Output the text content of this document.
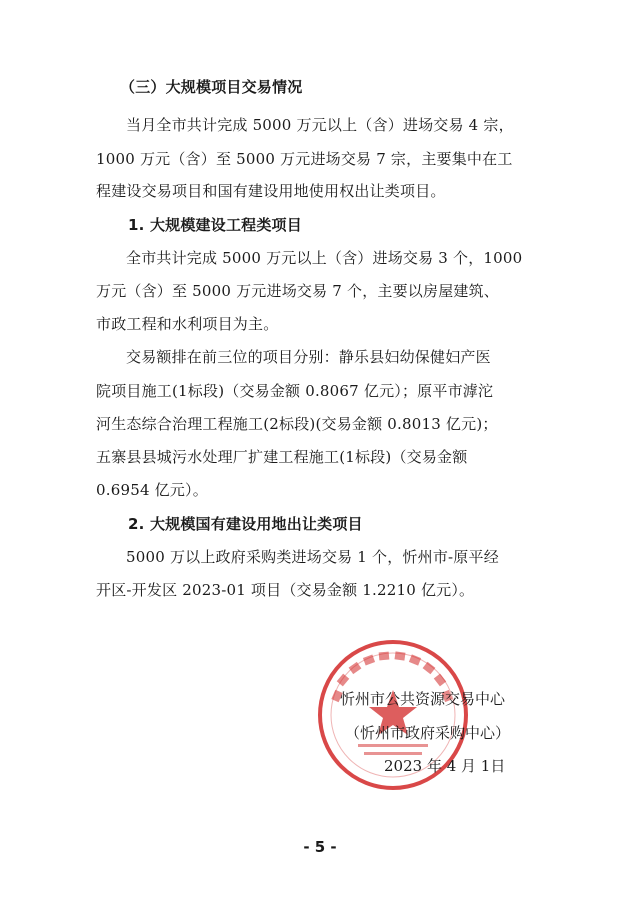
（三）大规模项目交易情况
当月全市共计完成 5000 万元以上（含）进场交易 4 宗，
1000 万元（含）至 5000 万元进场交易 7 宗，主要集中在工
程建设交易项目和国有建设用地使用权出让类项目。
1. 大规模建设工程类项目
全市共计完成 5000 万元以上（含）进场交易 3 个，1000
万元（含）至 5000 万元进场交易 7 个，主要以房屋建筑、
市政工程和水利项目为主。
交易额排在前三位的项目分别：静乐县妇幼保健妇产医
院项目施工(1标段)（交易金额 0.8067 亿元）；原平市滹沱
河生态综合治理工程施工(2标段)(交易金额 0.8013 亿元)；
五寨县县城污水处理厂扩建工程施工(1标段)（交易金额
0.6954 亿元）。
2. 大规模国有建设用地出让类项目
5000 万以上政府采购类进场交易 1 个，忻州市-原平经
开区-开发区 2023-01 项目（交易金额 1.2210 亿元）。
忻州市公共资源交易中心
（忻州市政府采购中心）
2023 年 4 月 1日
- 5 -
